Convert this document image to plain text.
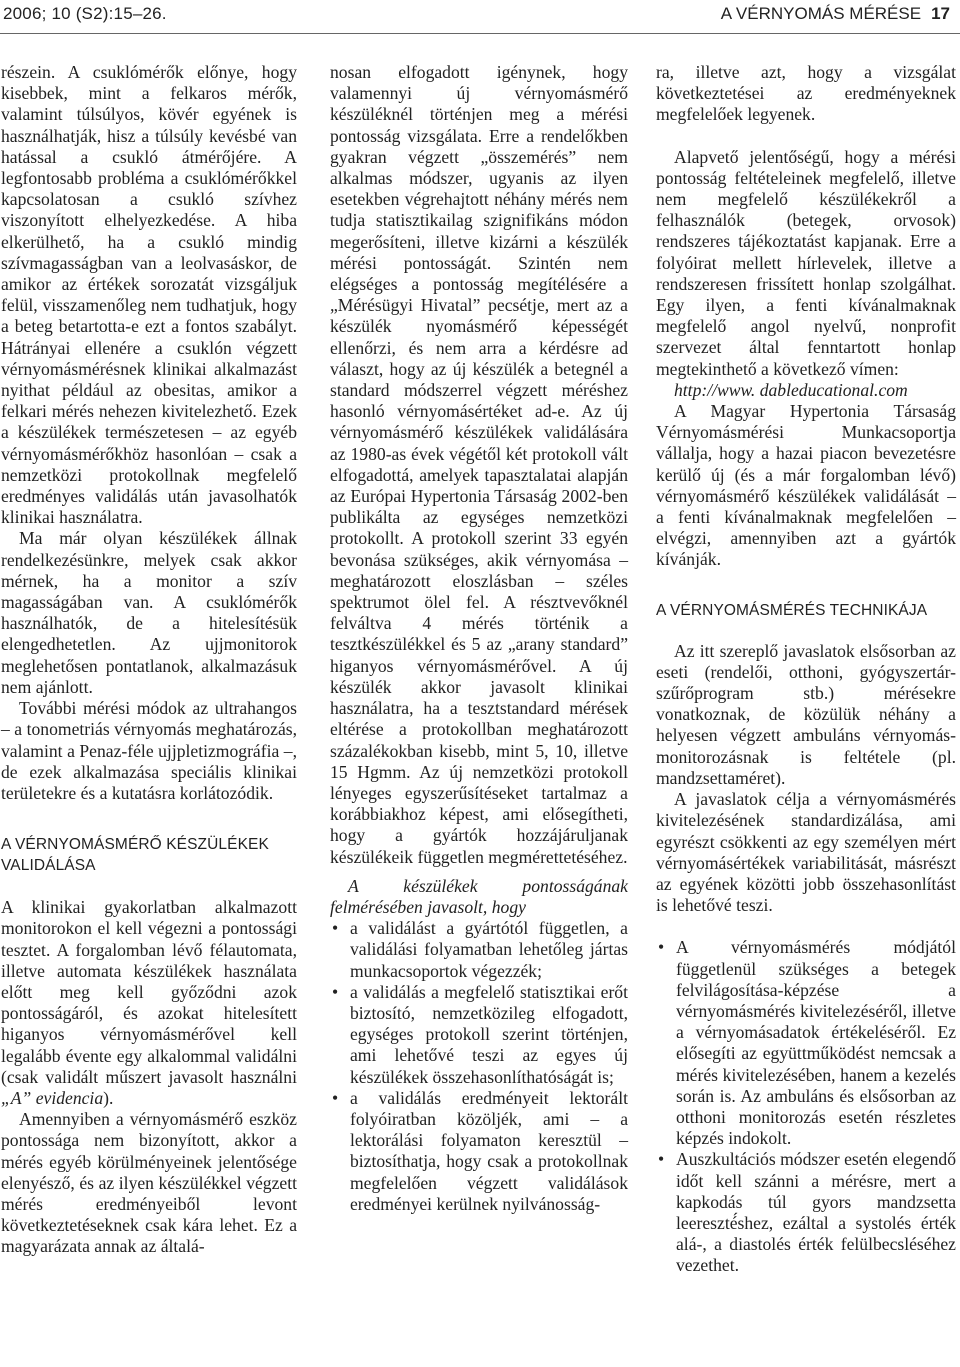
2006; 10 (S2):15–26.	A VÉRNYOMÁS MÉRÉSE 17

részein. A csuklómérők előnye, hogy kisebbek, mint a felkaros mérők, valamint túlsúlyos, kövér egyének is használhatják, hisz a túlsúly kevésbé van hatással a csukló átmérőjére. A legfontosabb probléma a csuklómérőkkel kapcsolatosan a csukló szívhez viszonyított elhelyezkedése. A hiba elkerülhető, ha a csukló mindig szívmagasságban van a leolvasáskor, de amikor az értékek sorozatát vizsgáljuk felül, visszamenőleg nem tudhatjuk, hogy a beteg betartotta-e ezt a fontos szabályt. Hátrányai ellenére a csuklón végzett vérnyomásmérésnek klinikai alkalmazást nyithat például az obesitas, amikor a felkari mérés nehezen kivitelezhető. Ezek a készülékek természetesen – az egyéb vérnyomásmérőkhöz hasonlóan – csak a nemzetközi protokollnak megfelelő eredményes validálás után javasolhatók klinikai használatra.

Ma már olyan készülékek állnak rendelkezésünkre, melyek csak akkor mérnek, ha a monitor a szív magasságában van. A csuklómérők használhatók, de a hitelesítésük elengedhetetlen. Az ujjmonitorok meglehetősen pontatlanok, alkalmazásuk nem ajánlott.

További mérési módok az ultrahangos – a tonometriás vérnyomás meghatározás, valamint a Penaz-féle ujjpletizmográfia –, de ezek alkalmazása speciális klinikai területekre és a kutatásra korlátozódik.

A VÉRNYOMÁSMÉRŐ KÉSZÜLÉKEK
VALIDÁLÁSA

A klinikai gyakorlatban alkalmazott monitorokon el kell végezni a pontossági tesztet. A forgalomban lévő félautomata, illetve automata készülékek használata előtt meg kell győződni azok pontosságáról, és azokat hitelesített higanyos vérnyomásmérővel kell legalább évente egy alkalommal validálni (csak validált műszert javasolt használni „A” evidencia).

Amennyiben a vérnyomásmérő eszköz pontossága nem bizonyított, akkor a mérés egyéb körülményeinek jelentősége elenyésző, és az ilyen készülékkel végzett mérés eredményeiből levont következtetéseknek csak kára lehet. Ez a magyarázata annak az általá-

nosan elfogadott igénynek, hogy valamennyi új vérnyomásmérő készüléknél történjen meg a mérési pontosság vizsgálata. Erre a rendelőkben gyakran végzett „összemérés” nem alkalmas módszer, ugyanis az ilyen esetekben végrehajtott néhány mérés nem tudja statisztikailag szignifikáns módon megerősíteni, illetve kizárni a készülék mérési pontosságát. Szintén nem elégséges a pontosság megítélésére a „Mérésügyi Hivatal” pecsétje, mert az a készülék nyomásmérő képességét ellenőrzi, és nem arra a kérdésre ad választ, hogy az új készülék a betegnél a standard módszerrel végzett méréshez hasonló vérnyomásértéket ad-e. Az új vérnyomásmérő készülékek validálására az 1980-as évek végétől két protokoll vált elfogadottá, amelyek tapasztalatai alapján az Európai Hypertonia Társaság 2002-ben publikálta az egységes nemzetközi protokollt. A protokoll szerint 33 egyén bevonása szükséges, akik vérnyomása – meghatározott eloszlásban – széles spektrumot ölel fel. A résztvevőknél felváltva 4 mérés történik a tesztkészülékkel és 5 az „arany standard” higanyos vérnyomásmérővel. A új készülék akkor javasolt klinikai használatra, ha a tesztstandard mérések eltérése a protokollban meghatározott százalékokban kisebb, mint 5, 10, illetve 15 Hgmm. Az új nemzetközi protokoll lényeges egyszerűsítéseket tartalmaz a korábbiakhoz képest, ami elősegítheti, hogy a gyártók hozzájáruljanak készülékeik független megmérettetéséhez.

A készülékek pontosságának felmérésében javasolt, hogy

• a validálást a gyártótól független, a validálási folyamatban lehetőleg jártas munkacsoportok végezzék;
• a validálás a megfelelő statisztikai erőt biztosító, nemzetközileg elfogadott, egységes protokoll szerint történjen, ami lehetővé teszi az egyes új készülékek összehasonlíthatóságát is;
• a validálás eredményeit lektorált folyóiratban közöljék, ami – a lektorálási folyamaton keresztül – biztosíthatja, hogy csak a protokollnak megfelelően végzett validálások eredményei kerülnek nyilvánosság-

ra, illetve azt, hogy a vizsgálat következtetései az eredményeknek megfelelőek legyenek.

Alapvető jelentőségű, hogy a mérési pontosság feltételeinek megfelelő, illetve nem megfelelő készülékekről a felhasználók (betegek, orvosok) rendszeres tájékoztatást kapjanak. Erre a folyóirat mellett hírlevelek, illetve a rendszeresen frissített honlap szolgálhat. Egy ilyen, a fenti kívánalmaknak megfelelő angol nyelvű, nonprofit szervezet által fenntartott honlap megtekinthető a következő vímen:

http://www. dableducational.com

A Magyar Hypertonia Társaság Vérnyomásmérési Munkacsoportja vállalja, hogy a hazai piacon bevezetésre kerülő új (és a már forgalomban lévő) vérnyomásmérő készülékek validálását – a fenti kívánalmaknak megfelelően – elvégzi, amennyiben azt a gyártók kívánják.

A VÉRNYOMÁSMÉRÉS TECHNIKÁJA

Az itt szereplő javaslatok elsősorban az eseti (rendelői, otthoni, gyógyszertár-szűrőprogram stb.) mérésekre vonatkoznak, de közülük néhány a helyesen végzett ambuláns vérnyomás-monitorozásnak is feltétele (pl. mandzsettaméret).

A javaslatok célja a vérnyomásmérés kivitelezésének standardizálása, ami egyrészt csökkenti az egy személyen mért vérnyomásértékek variabilitását, másrészt az egyének közötti jobb összehasonlítást is lehetővé teszi.

• A vérnyomásmérés módjától függetlenül szükséges a betegek felvilágosítása-képzése a vérnyomásmérés kivitelezéséről, illetve a vérnyomásadatok értékeléséről. Ez elősegíti az együttműködést nemcsak a mérés kivitelezésében, hanem a kezelés során is. Az ambuláns és elsősorban az otthoni monitorozás esetén részletes képzés indokolt.
• Auszkultációs módszer esetén elegendő időt kell szánni a mérésre, mert a kapkodás túl gyors mandzsetta leereszté́shez, ezáltal a systolés érték alá-, a diastolés érték felülbecsléséhez vezethet.
